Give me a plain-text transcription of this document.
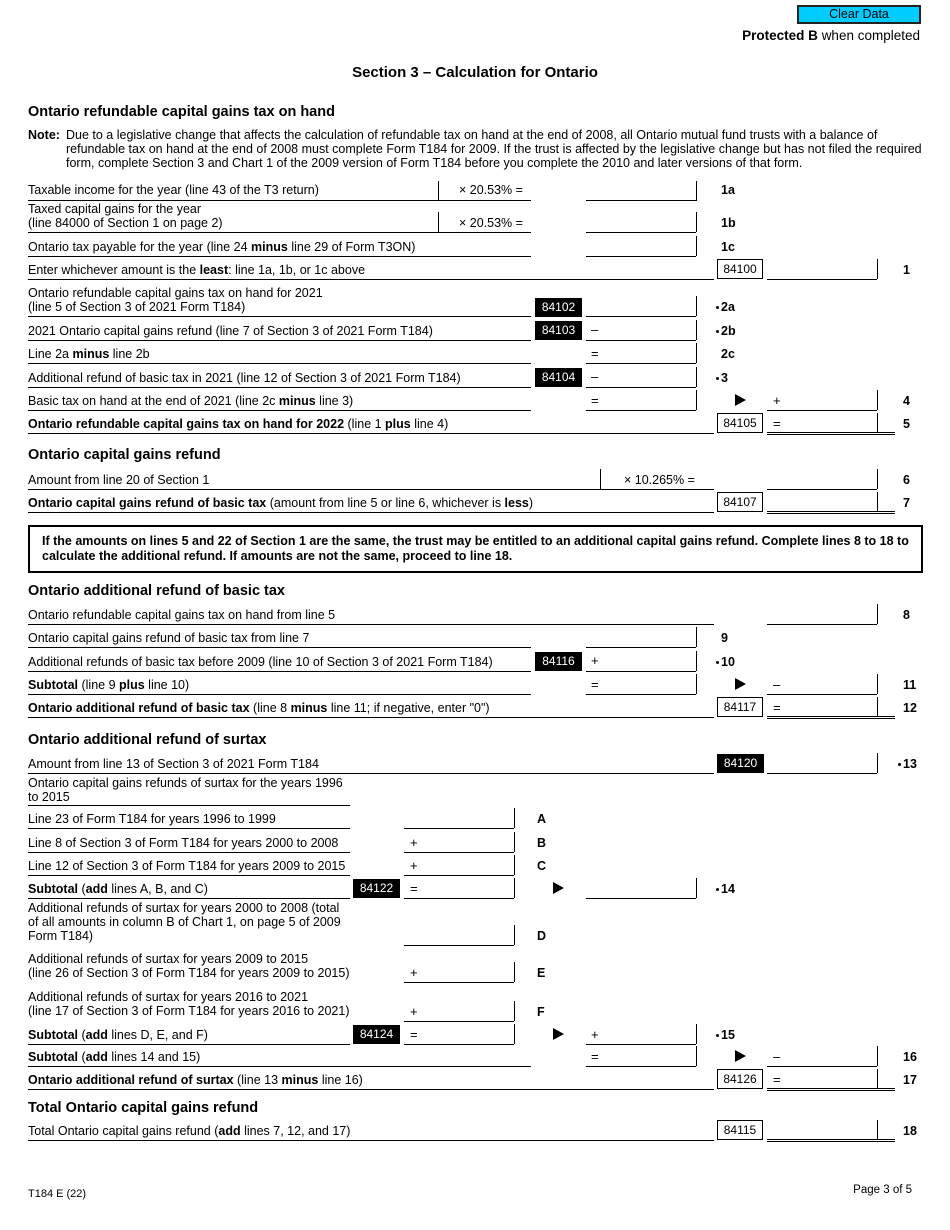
Clear Data
Protected B when completed
Section 3 – Calculation for Ontario
Ontario refundable capital gains tax on hand
Note: Due to a legislative change that affects the calculation of refundable tax on hand at the end of 2008, all Ontario mutual fund trusts with a balance of refundable tax on hand at the end of 2008 must complete Form T184 for 2009. If the trust is affected by the legislative change but has not filed the required form, complete Section 3 and Chart 1 of the 2009 version of Form T184 before you complete the 2010 and later versions of that form.
Taxable income for the year (line 43 of the T3 return)	× 20.53% =	1a
Taxed capital gains for the year
(line 84000 of Section 1 on page 2)	× 20.53% =	1b
Ontario tax payable for the year (line 24 minus line 29 of Form T3ON)	1c
Enter whichever amount is the least: line 1a, 1b, or 1c above	84100	1
Ontario refundable capital gains tax on hand for 2021
(line 5 of Section 3 of 2021 Form T184)	84102	2a
2021 Ontario capital gains refund (line 7 of Section 3 of 2021 Form T184)	84103	–	2b
Line 2a minus line 2b	=	2c
Additional refund of basic tax in 2021 (line 12 of Section 3 of 2021 Form T184)	84104	–	3
Basic tax on hand at the end of 2021 (line 2c minus line 3)	=	+	4
Ontario refundable capital gains tax on hand for 2022 (line 1 plus line 4)	84105	=	5
Ontario capital gains refund
Amount from line 20 of Section 1	× 10.265% =	6
Ontario capital gains refund of basic tax (amount from line 5 or line 6, whichever is less)	84107	7
If the amounts on lines 5 and 22 of Section 1 are the same, the trust may be entitled to an additional capital gains refund. Complete lines 8 to 18 to calculate the additional refund. If amounts are not the same, proceed to line 18.
Ontario additional refund of basic tax
Ontario refundable capital gains tax on hand from line 5	8
Ontario capital gains refund of basic tax from line 7	9
Additional refunds of basic tax before 2009 (line 10 of Section 3 of 2021 Form T184)	84116	+	10
Subtotal (line 9 plus line 10)	=	–	11
Ontario additional refund of basic tax (line 8 minus line 11; if negative, enter "0")	84117	=	12
Ontario additional refund of surtax
Amount from line 13 of Section 3 of 2021 Form T184	84120	13
Ontario capital gains refunds of surtax for the years 1996
to 2015
Line 23 of Form T184 for years 1996 to 1999	A
Line 8 of Section 3 of Form T184 for years 2000 to 2008	+	B
Line 12 of Section 3 of Form T184 for years 2009 to 2015	+	C
Subtotal (add lines A, B, and C)	84122	=	14
Additional refunds of surtax for years 2000 to 2008 (total
of all amounts in column B of Chart 1, on page 5 of 2009
Form T184)	D
Additional refunds of surtax for years 2009 to 2015
(line 26 of Section 3 of Form T184 for years 2009 to 2015)	+	E
Additional refunds of surtax for years 2016 to 2021
(line 17 of Section 3 of Form T184 for years 2016 to 2021)	+	F
Subtotal (add lines D, E, and F)	84124	=	+	15
Subtotal (add lines 14 and 15)	=	–	16
Ontario additional refund of surtax (line 13 minus line 16)	84126	=	17
Total Ontario capital gains refund
Total Ontario capital gains refund (add lines 7, 12, and 17)	84115	18
T184 E (22)	Page 3 of 5
